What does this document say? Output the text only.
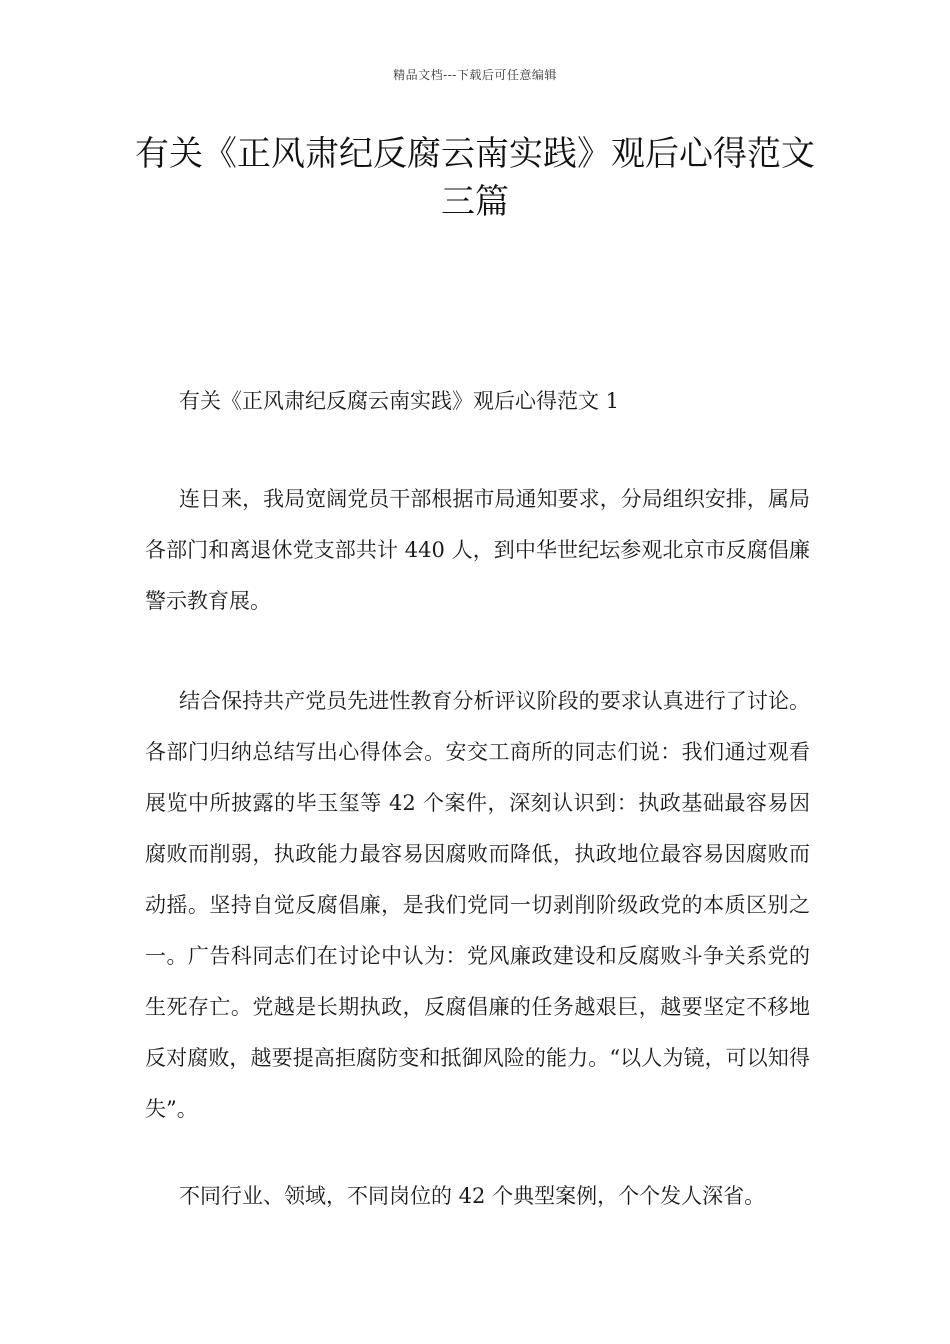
精品文档---下载后可任意编辑
有关《正风肃纪反腐云南实践》观后心得范文三篇

有关《正风肃纪反腐云南实践》观后心得范文 1

连日来，我局宽阔党员干部根据市局通知要求，分局组织安排，属局各部门和离退休党支部共计 440 人，到中华世纪坛参观北京市反腐倡廉警示教育展。

结合保持共产党员先进性教育分析评议阶段的要求认真进行了讨论。各部门归纳总结写出心得体会。安交工商所的同志们说：我们通过观看展览中所披露的毕玉玺等 42 个案件，深刻认识到：执政基础最容易因腐败而削弱，执政能力最容易因腐败而降低，执政地位最容易因腐败而动摇。坚持自觉反腐倡廉，是我们党同一切剥削阶级政党的本质区别之一。广告科同志们在讨论中认为：党风廉政建设和反腐败斗争关系党的生死存亡。党越是长期执政，反腐倡廉的任务越艰巨，越要坚定不移地反对腐败，越要提高拒腐防变和抵御风险的能力。“以人为镜，可以知得失”。

不同行业、领域，不同岗位的 42 个典型案例，个个发人深省。
